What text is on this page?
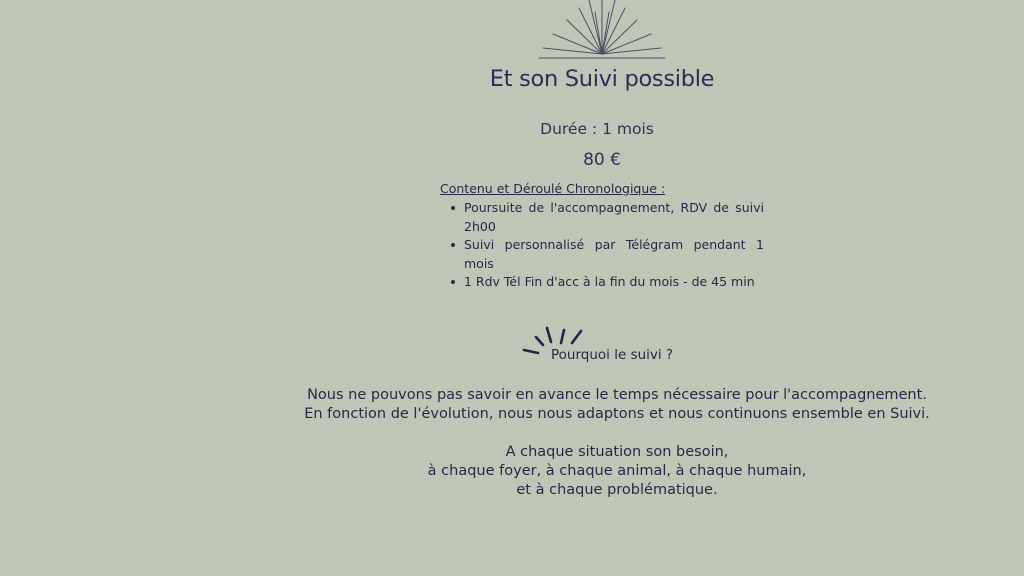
Et son Suivi possible
Durée : 1 mois
80 €
Contenu et Déroulé Chronologique :
Poursuite de l'accompagnement, RDV de suivi 2h00
Suivi personnalisé par Télégram pendant 1 mois
1 Rdv Tél Fin d'acc à la fin du mois - de 45 min
Pourquoi le suivi ?
Nous ne pouvons pas savoir en avance le temps nécessaire pour l'accompagnement.
En fonction de l'évolution, nous nous adaptons et nous continuons ensemble en Suivi.
A chaque situation son besoin,
à chaque foyer, à chaque animal, à chaque humain,
et à chaque problématique.
